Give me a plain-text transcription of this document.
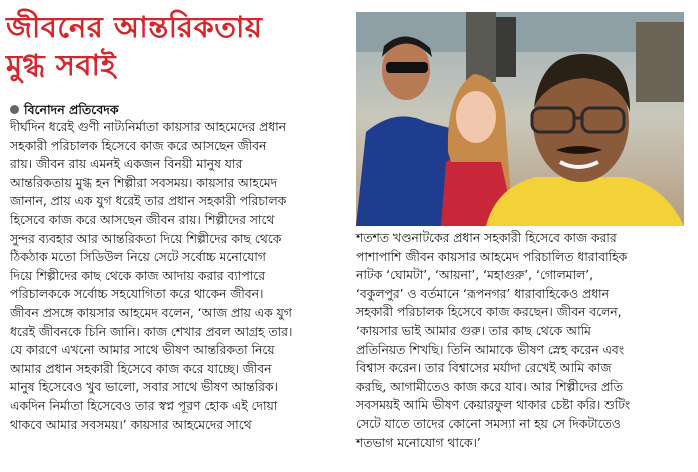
জীবনের আন্তরিকতায়
মুগ্ধ সবাই
বিনোদন প্রতিবেদক

দীর্ঘদিন ধরেই গুণী নাট্যনির্মাতা কায়সার আহমেদের প্রধান

সহকারী পরিচালক হিসেবে কাজ করে আসছেন জীবন

রায়। জীবন রায় এমনই একজন বিনয়ী মানুষ যার

আন্তরিকতায় মুগ্ধ হন শিল্পীরা সবসময়। কায়সার আহমেদ

জানান, প্রায় এক যুগ ধরেই তার প্রধান সহকারী পরিচালক

হিসেবে কাজ করে আসছেন জীবন রায়। শিল্পীদের সাথে

সুন্দর ব্যবহার আর আন্তরিকতা দিয়ে শিল্পীদের কাছ থেকে

ঠিকঠাক মতো সিডিউল নিয়ে সেটে সর্বোচ্চ মনোযোগ

দিয়ে শিল্পীদের কাছ থেকে কাজ আদায় করার ব্যাপারে

পরিচালককে সর্বোচ্চ সহযোগিতা করে থাকেন জীবন।

জীবন প্রসঙ্গে কায়সার আহমেদ বলেন, ‘আজ প্রায় এক যুগ

ধরেই জীবনকে চিনি জানি। কাজ শেখার প্রবল আগ্রহ তার।

যে কারণে এখনো আমার সাথে ভীষণ আন্তরিকতা নিয়ে

আমার প্রধান সহকারী হিসেবে কাজ করে যাচ্ছে। জীবন

মানুষ হিসেবেও খুব ভালো, সবার সাথে ভীষণ আন্তরিক।

একদিন নির্মাতা হিসেবেও তার স্বপ্ন পূরণ হোক এই দোয়া

থাকবে আমার সবসময়।’ কায়সার আহমেদের সাথে

শতশত খণ্ডনাটকের প্রধান সহকারী হিসেবে কাজ করার

পাশাপাশি জীবন কায়সার আহমেদ পরিচালিত ধারাবাহিক

নাটক ‘ঘোমটা’, ‘আয়না’, ‘মহাগুরু’, ‘গোলমাল’,

‘বকুলপুর’ ও বর্তমানে ‘রূপনগর’ ধারাবাহিকেও প্রধান

সহকারী পরিচালক হিসেবে কাজ করছেন। জীবন বলেন,

‘কায়সার ভাই আমার গুরু। তার কাছ থেকে আমি

প্রতিনিয়ত শিখছি। তিনি আমাকে ভীষণ স্নেহ করেন এবং

বিশ্বাস করেন। তার বিশ্বাসের মর্যাদা রেখেই আমি কাজ

করছি, আগামীতেও কাজ করে যাব। আর শিল্পীদের প্রতি

সবসময়ই আমি ভীষণ কেয়ারফুল থাকার চেষ্টা করি। শুটিং

সেটে যাতে তাদের কোনো সমস্যা না হয় সে দিকটাতেও

শতভাগ মনোযোগ থাকে।’
